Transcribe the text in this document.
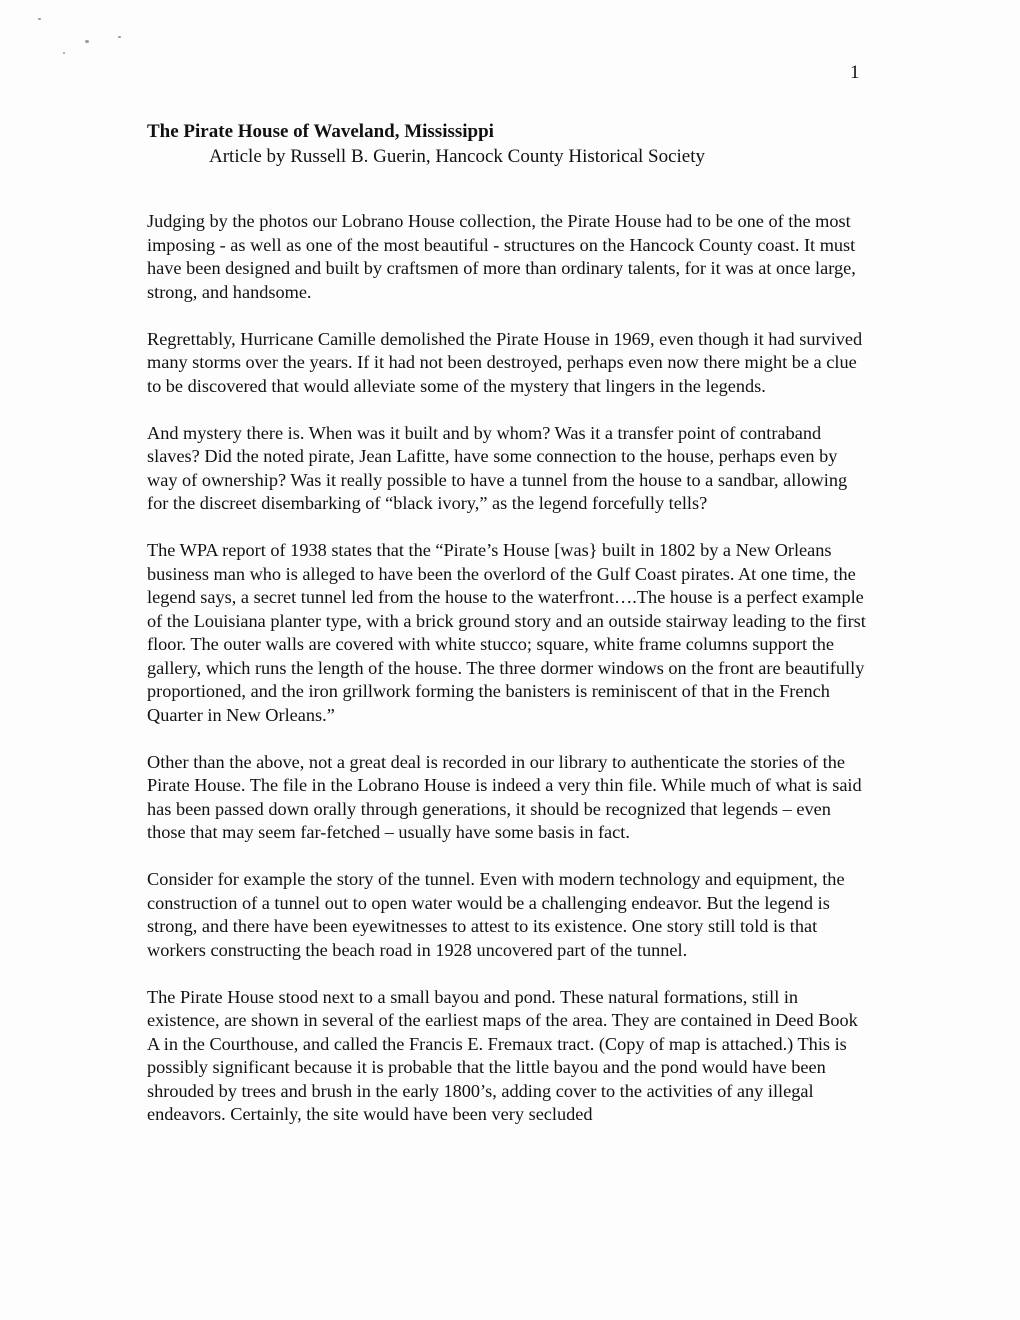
1
The Pirate House of Waveland, Mississippi
Article by Russell B. Guerin, Hancock County Historical Society

Judging by the photos our Lobrano House collection, the Pirate House had to be one of the most imposing - as well as one of the most beautiful - structures on the Hancock County coast. It must have been designed and built by craftsmen of more than ordinary talents, for it was at once large, strong, and handsome.

Regrettably, Hurricane Camille demolished the Pirate House in 1969, even though it had survived many storms over the years. If it had not been destroyed, perhaps even now there might be a clue to be discovered that would alleviate some of the mystery that lingers in the legends.

And mystery there is. When was it built and by whom? Was it a transfer point of contraband slaves? Did the noted pirate, Jean Lafitte, have some connection to the house, perhaps even by way of ownership? Was it really possible to have a tunnel from the house to a sandbar, allowing for the discreet disembarking of “black ivory,” as the legend forcefully tells?

The WPA report of 1938 states that the “Pirate’s House [was} built in 1802 by a New Orleans business man who is alleged to have been the overlord of the Gulf Coast pirates. At one time, the legend says, a secret tunnel led from the house to the waterfront….The house is a perfect example of the Louisiana planter type, with a brick ground story and an outside stairway leading to the first floor. The outer walls are covered with white stucco; square, white frame columns support the gallery, which runs the length of the house. The three dormer windows on the front are beautifully proportioned, and the iron grillwork forming the banisters is reminiscent of that in the French Quarter in New Orleans.”

Other than the above, not a great deal is recorded in our library to authenticate the stories of the Pirate House. The file in the Lobrano House is indeed a very thin file. While much of what is said has been passed down orally through generations, it should be recognized that legends – even those that may seem far-fetched – usually have some basis in fact.

Consider for example the story of the tunnel. Even with modern technology and equipment, the construction of a tunnel out to open water would be a challenging endeavor. But the legend is strong, and there have been eyewitnesses to attest to its existence. One story still told is that workers constructing the beach road in 1928 uncovered part of the tunnel.

The Pirate House stood next to a small bayou and pond. These natural formations, still in existence, are shown in several of the earliest maps of the area. They are contained in Deed Book A in the Courthouse, and called the Francis E. Fremaux tract. (Copy of map is attached.) This is possibly significant because it is probable that the little bayou and the pond would have been shrouded by trees and brush in the early 1800’s, adding cover to the activities of any illegal endeavors. Certainly, the site would have been very secluded
